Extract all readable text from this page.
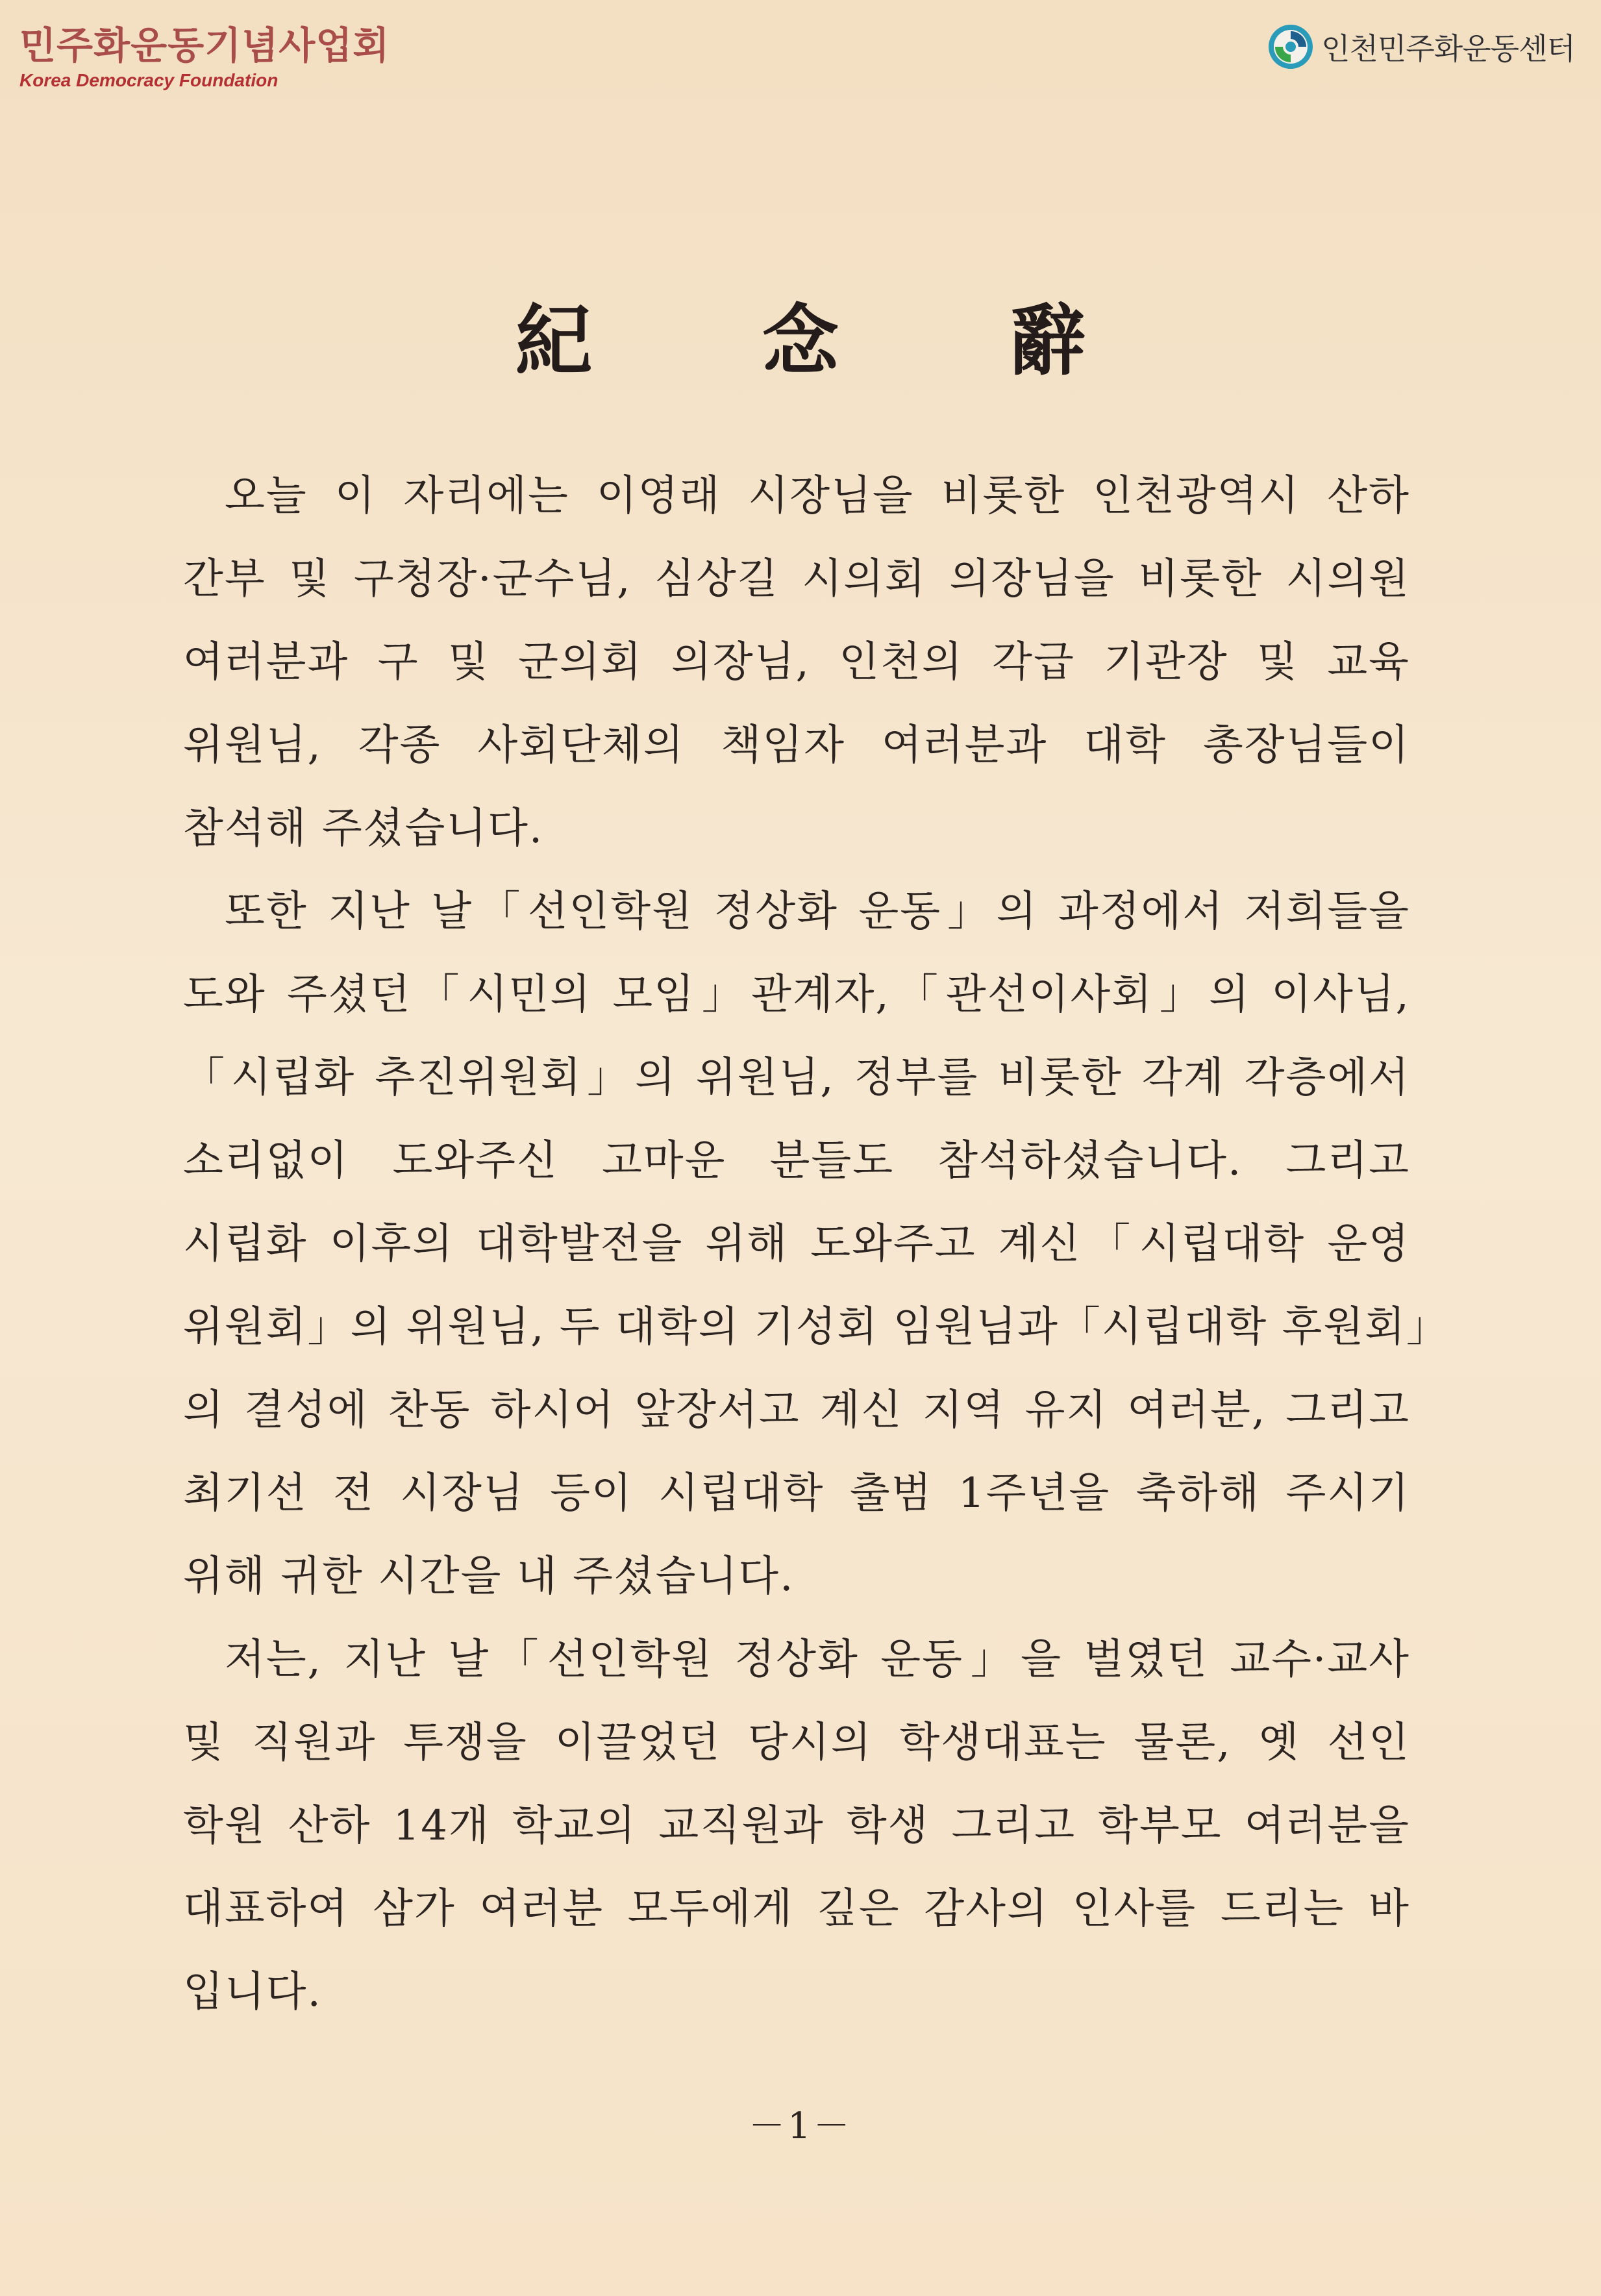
민주화운동기념사업회
Korea Democracy Foundation
인천민주화운동센터
紀	念	辭
오늘 이 자리에는 이영래 시장님을 비롯한 인천광역시 산하
간부 및 구청장·군수님, 심상길 시의회 의장님을 비롯한 시의원
여러분과 구 및 군의회 의장님, 인천의 각급 기관장 및 교육
위원님, 각종 사회단체의 책임자 여러분과 대학 총장님들이
참석해 주셨습니다.
또한 지난 날「선인학원 정상화 운동」의 과정에서 저희들을
도와 주셨던「시민의 모임」관계자,「관선이사회」의 이사님,
「시립화 추진위원회」의 위원님, 정부를 비롯한 각계 각층에서
소리없이 도와주신 고마운 분들도 참석하셨습니다. 그리고
시립화 이후의 대학발전을 위해 도와주고 계신「시립대학 운영
위원회」의 위원님, 두 대학의 기성회 임원님과「시립대학 후원회」
의 결성에 찬동 하시어 앞장서고 계신 지역 유지 여러분, 그리고
최기선 전 시장님 등이 시립대학 출범 1주년을 축하해 주시기
위해 귀한 시간을 내 주셨습니다.
저는, 지난 날「선인학원 정상화 운동」을 벌였던 교수·교사
및 직원과 투쟁을 이끌었던 당시의 학생대표는 물론, 옛 선인
학원 산하 14개 학교의 교직원과 학생 그리고 학부모 여러분을
대표하여 삼가 여러분 모두에게 깊은 감사의 인사를 드리는 바
입니다.
－1－
